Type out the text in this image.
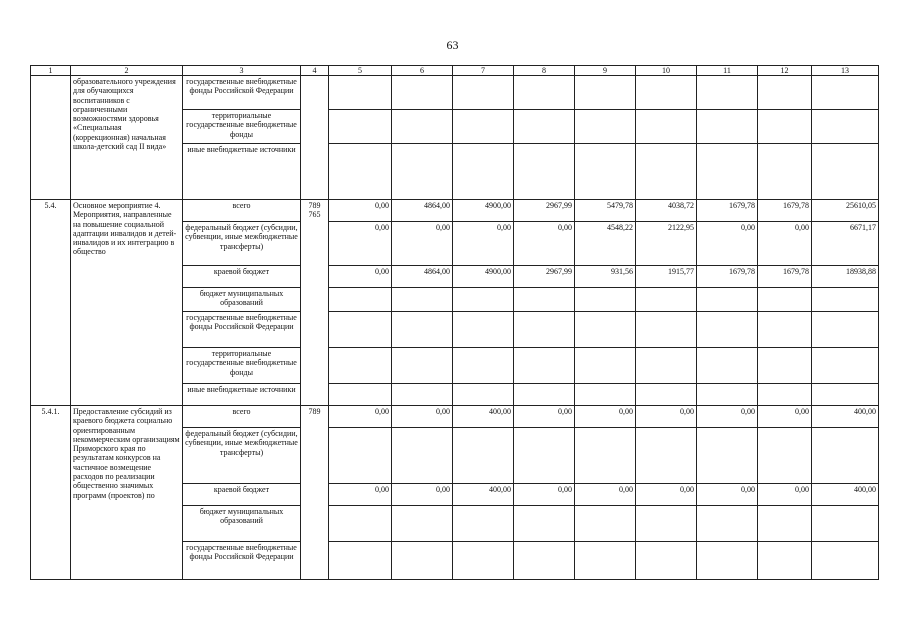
63
1	2	3	4	5	6	7	8	9	10	11	12	13
	образовательного учреждения для обучающихся воспитанников с ограниченными возможностями здоровья «Специальная (коррекционная) начальная школа-детский сад II вида»	государственные внебюджетные фонды Российской Федерации										
		территориальные государственные внебюджетные фонды										
		иные внебюджетные источники										
5.4.	Основное мероприятие 4. Мероприятия, направленные на повышение социальной адаптации инвалидов и детей-инвалидов и их интеграцию в общество	всего	789 765	0,00	4864,00	4900,00	2967,99	5479,78	4038,72	1679,78	1679,78	25610,05
		федеральный бюджет (субсидии, субвенции, иные межбюджетные трансферты)		0,00	0,00	0,00	0,00	4548,22	2122,95	0,00	0,00	6671,17
		краевой бюджет		0,00	4864,00	4900,00	2967,99	931,56	1915,77	1679,78	1679,78	18938,88
		бюджет муниципальных образований										
		государственные внебюджетные фонды Российской Федерации										
		территориальные государственные внебюджетные фонды										
		иные внебюджетные источники										
5.4.1.	Предоставление субсидий из краевого бюджета социально ориентированным некоммерческим организациям Приморского края по результатам конкурсов на частичное возмещение расходов по реализации общественно значимых программ (проектов) по	всего	789	0,00	0,00	400,00	0,00	0,00	0,00	0,00	0,00	400,00
		федеральный бюджет (субсидии, субвенции, иные межбюджетные трансферты)										
		краевой бюджет		0,00	0,00	400,00	0,00	0,00	0,00	0,00	0,00	400,00
		бюджет муниципальных образований										
		государственные внебюджетные фонды Российской Федерации										
